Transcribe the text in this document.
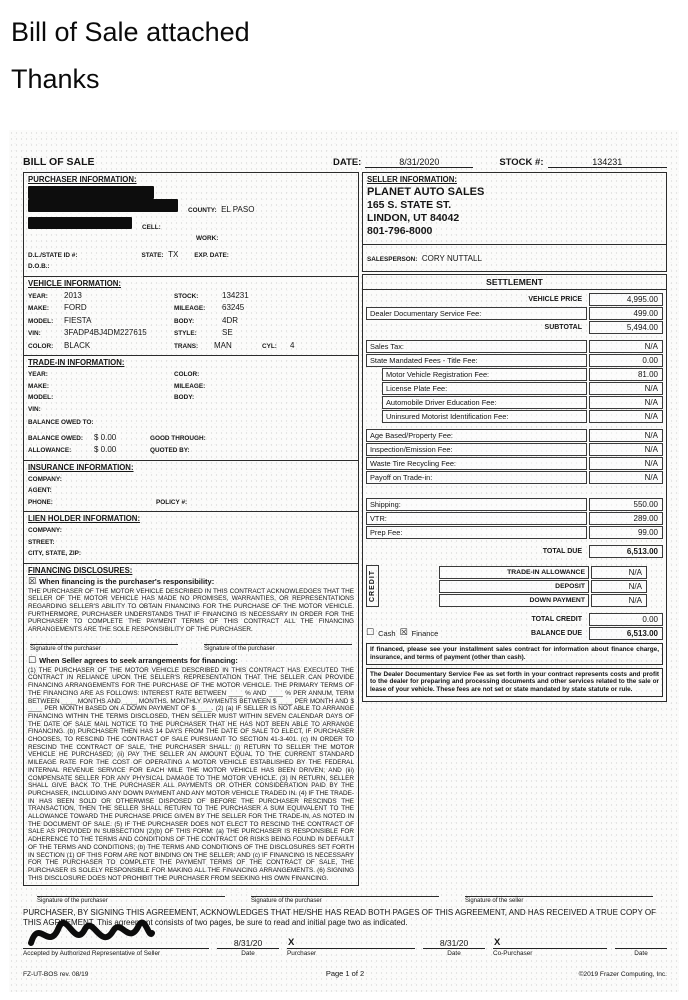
Bill of Sale attached
Thanks
BILL OF SALE	DATE:	8/31/2020	STOCK #:	134231
PURCHASER INFORMATION:
COUNTY: EL PASO
CELL:
WORK:
D.L./STATE ID #:	STATE: TX	EXP. DATE:
D.O.B.:
VEHICLE INFORMATION:
YEAR:	2013	STOCK:	134231
MAKE:	FORD	MILEAGE:	63245
MODEL:	FIESTA	BODY:	4DR
VIN:	3FADP4BJ4DM227615	STYLE:	SE
COLOR:	BLACK	TRANS:	MAN	CYL:	4
TRADE-IN INFORMATION:
YEAR:	COLOR:
MAKE:	MILEAGE:
MODEL:	BODY:
VIN:
BALANCE OWED TO:
BALANCE OWED:	$ 0.00	GOOD THROUGH:
ALLOWANCE:	$ 0.00	QUOTED BY:
INSURANCE INFORMATION:
COMPANY:
AGENT:
PHONE:	POLICY #:
LIEN HOLDER INFORMATION:
COMPANY:
STREET:
CITY, STATE, ZIP:
FINANCING DISCLOSURES:
☒ When financing is the purchaser's responsibility:

THE PURCHASER OF THE MOTOR VEHICLE DESCRIBED IN THIS CONTRACT ACKNOWLEDGES THAT THE SELLER OF THE MOTOR VEHICLE HAS MADE NO PROMISES, WARRANTIES, OR REPRESENTATIONS REGARDING SELLER'S ABILITY TO OBTAIN FINANCING FOR THE PURCHASE OF THE MOTOR VEHICLE. FURTHERMORE, PURCHASER UNDERSTANDS THAT IF FINANCING IS NECESSARY IN ORDER FOR THE PURCHASER TO COMPLETE THE PAYMENT TERMS OF THIS CONTRACT ALL THE FINANCING ARRANGEMENTS ARE THE SOLE RESPONSIBILITY OF THE PURCHASER.

Signature of the purchaser	Signature of the purchaser
☐ When Seller agrees to seek arrangements for financing:

(1) THE PURCHASER OF THE MOTOR VEHICLE DESCRIBED IN THIS CONTRACT HAS EXECUTED THE CONTRACT IN RELIANCE UPON THE SELLER'S REPRESENTATION THAT THE SELLER CAN PROVIDE FINANCING ARRANGEMENTS FOR THE PURCHASE OF THE MOTOR VEHICLE. THE PRIMARY TERMS OF THE FINANCING ARE AS FOLLOWS: INTEREST RATE BETWEEN ____ % AND ____ % PER ANNUM, TERM BETWEEN ____ MONTHS AND ____ MONTHS. MONTHLY PAYMENTS BETWEEN $ ____ PER MONTH AND $ ____ PER MONTH BASED ON A DOWN PAYMENT OF $ ____. (2) (a) IF SELLER IS NOT ABLE TO ARRANGE FINANCING WITHIN THE TERMS DISCLOSED, THEN SELLER MUST WITHIN SEVEN CALENDAR DAYS OF THE DATE OF SALE MAIL NOTICE TO THE PURCHASER THAT HE HAS NOT BEEN ABLE TO ARRANGE FINANCING. (b) PURCHASER THEN HAS 14 DAYS FROM THE DATE OF SALE TO ELECT, IF PURCHASER CHOOSES, TO RESCIND THE CONTRACT OF SALE PURSUANT TO SECTION 41-3-401. (c) IN ORDER TO RESCIND THE CONTRACT OF SALE, THE PURCHASER SHALL: (i) RETURN TO SELLER THE MOTOR VEHICLE HE PURCHASED; (ii) PAY THE SELLER AN AMOUNT EQUAL TO THE CURRENT STANDARD MILEAGE RATE FOR THE COST OF OPERATING A MOTOR VEHICLE ESTABLISHED BY THE FEDERAL INTERNAL REVENUE SERVICE FOR EACH MILE THE MOTOR VEHICLE HAS BEEN DRIVEN; AND (iii) COMPENSATE SELLER FOR ANY PHYSICAL DAMAGE TO THE MOTOR VEHICLE. (3) IN RETURN, SELLER SHALL GIVE BACK TO THE PURCHASER ALL PAYMENTS OR OTHER CONSIDERATION PAID BY THE PURCHASER, INCLUDING ANY DOWN PAYMENT AND ANY MOTOR VEHICLE TRADED IN. (4) IF THE TRADE-IN HAS BEEN SOLD OR OTHERWISE DISPOSED OF BEFORE THE PURCHASER RESCINDS THE TRANSACTION, THEN THE SELLER SHALL RETURN TO THE PURCHASER A SUM EQUIVALENT TO THE ALLOWANCE TOWARD THE PURCHASE PRICE GIVEN BY THE SELLER FOR THE TRADE-IN, AS NOTED IN THE DOCUMENT OF SALE. (5) IF THE PURCHASER DOES NOT ELECT TO RESCIND THE CONTRACT OF SALE AS PROVIDED IN SUBSECTION (2)(b) OF THIS FORM: (a) THE PURCHASER IS RESPONSIBLE FOR ADHERENCE TO THE TERMS AND CONDITIONS OF THE CONTRACT OR RISKS BEING FOUND IN DEFAULT OF THE TERMS AND CONDITIONS; (b) THE TERMS AND CONDITIONS OF THE DISCLOSURES SET FORTH IN SECTION (1) OF THIS FORM ARE NOT BINDING ON THE SELLER; AND (c) IF FINANCING IS NECESSARY FOR THE PURCHASER TO COMPLETE THE PAYMENT TERMS OF THE CONTRACT OF SALE, THE PURCHASER IS SOLELY RESPONSIBLE FOR MAKING ALL THE FINANCING ARRANGEMENTS. (6) SIGNING THIS DISCLOSURE DOES NOT PROHIBIT THE PURCHASER FROM SEEKING HIS OWN FINANCING.

SELLER INFORMATION:
PLANET AUTO SALES
165 S. STATE ST.
LINDON, UT 84042
801-796-8000
SALESPERSON: CORY NUTTALL
SETTLEMENT
VEHICLE PRICE	4,995.00
Dealer Documentary Service Fee:	499.00
SUBTOTAL	5,494.00
Sales Tax:	N/A
State Mandated Fees - Title Fee:	0.00
Motor Vehicle Registration Fee:	81.00
License Plate Fee:	N/A
Automobile Driver Education Fee:	N/A
Uninsured Motorist Identification Fee:	N/A
Age Based/Property Fee:	N/A
Inspection/Emission Fee:	N/A
Waste Tire Recycling Fee:	N/A
Payoff on Trade-in:	N/A
Shipping:	550.00
VTR:	289.00
Prep Fee:	99.00
TOTAL DUE	6,513.00
CREDIT	TRADE-IN ALLOWANCE	N/A
DEPOSIT	N/A
DOWN PAYMENT	N/A
TOTAL CREDIT	0.00
☐ Cash ☒ Finance	BALANCE DUE	6,513.00
If financed, please see your installment sales contract for information about finance charge, insurance, and terms of payment (other than cash).
The Dealer Documentary Service Fee as set forth in your contract represents costs and profit to the dealer for preparing and processing documents and other services related to the sale or lease of your vehicle. These fees are not set or state mandated by state statute or rule.
Signature of the purchaser	Signature of the purchaser	Signature of the seller
PURCHASER, BY SIGNING THIS AGREEMENT, ACKNOWLEDGES THAT HE/SHE HAS READ BOTH PAGES OF THIS AGREEMENT, AND HAS RECEIVED A TRUE COPY OF THIS AGREEMENT. This agreement consists of two pages, be sure to read and initial page two as indicated.
Accepted by Authorized Representative of Seller
8/31/20
Date
X
Purchaser
8/31/20
Date
X
Co-Purchaser	Date
FZ-UT-BOS rev. 08/19	Page 1 of 2	©2019 Frazer Computing, Inc.
